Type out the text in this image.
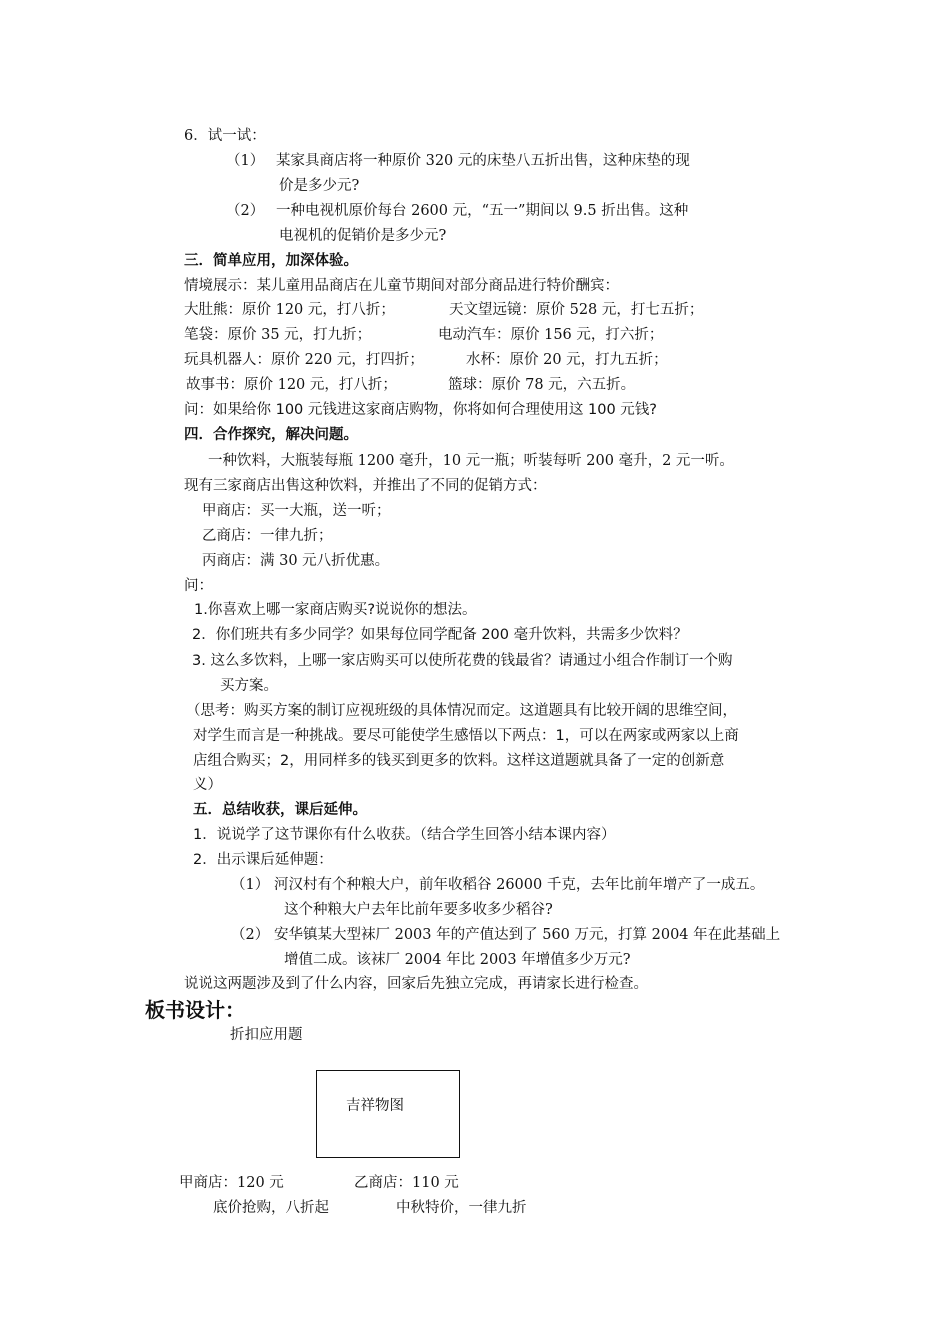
6．试一试：
（1） 某家具商店将一种原价 320 元的床垫八五折出售，这种床垫的现
价是多少元?
（2） 一种电视机原价每台 2600 元，“五一”期间以 9.5 折出售。这种
电视机的促销价是多少元?
三．简单应用，加深体验。
情境展示：某儿童用品商店在儿童节期间对部分商品进行特价酬宾：
大肚熊：原价 120 元，打八折；	天文望远镜：原价 528 元，打七五折；
笔袋：原价 35 元，打九折；	电动汽车：原价 156 元，打六折；
玩具机器人：原价 220 元，打四折；	水杯：原价 20 元，打九五折；
故事书：原价 120 元，打八折；	篮球：原价 78 元，六五折。
问：如果给你 100 元钱进这家商店购物，你将如何合理使用这 100 元钱?
四．合作探究，解决问题。
一种饮料，大瓶装每瓶 1200 毫升，10 元一瓶；听装每听 200 毫升，2 元一听。
现有三家商店出售这种饮料，并推出了不同的促销方式：
甲商店：买一大瓶，送一听；
乙商店：一律九折；
丙商店：满 30 元八折优惠。
问：
1.你喜欢上哪一家商店购买?说说你的想法。
2．你们班共有多少同学？如果每位同学配备 200 毫升饮料，共需多少饮料？
3. 这么多饮料，上哪一家店购买可以使所花费的钱最省？请通过小组合作制订一个购
买方案。
（思考：购买方案的制订应视班级的具体情况而定。这道题具有比较开阔的思维空间，
对学生而言是一种挑战。要尽可能使学生感悟以下两点：1，可以在两家或两家以上商
店组合购买；2，用同样多的钱买到更多的饮料。这样这道题就具备了一定的创新意
义）
五．总结收获，课后延伸。
1．说说学了这节课你有什么收获。（结合学生回答小结本课内容）
2．出示课后延伸题：
（1） 河汉村有个种粮大户，前年收稻谷 26000 千克，去年比前年增产了一成五。
这个种粮大户去年比前年要多收多少稻谷?
（2） 安华镇某大型袜厂 2003 年的产值达到了 560 万元，打算 2004 年在此基础上
增值二成。该袜厂 2004 年比 2003 年增值多少万元?
说说这两题涉及到了什么内容，回家后先独立完成，再请家长进行检查。
板书设计：
折扣应用题
吉祥物图
甲商店：120 元	乙商店：110 元
底价抢购，八折起	中秋特价，一律九折
